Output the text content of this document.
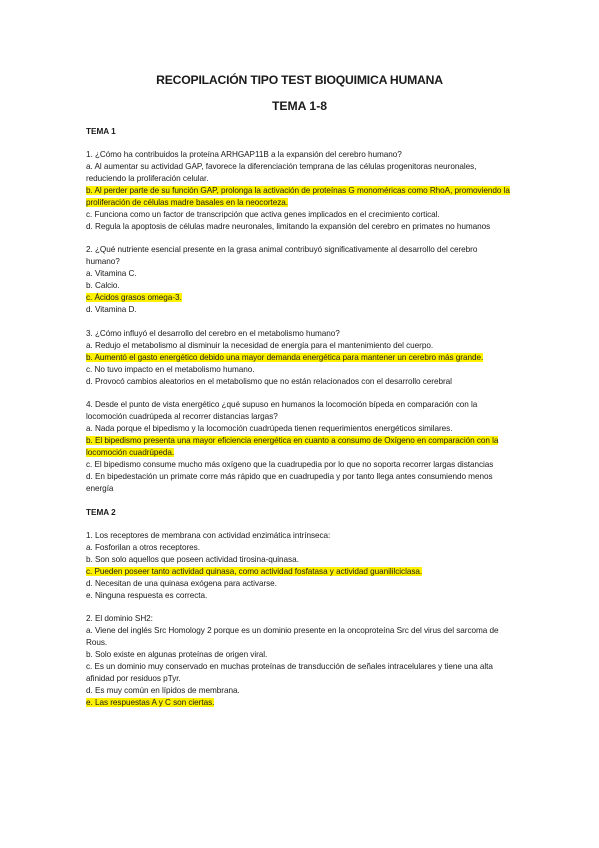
RECOPILACIÓN TIPO TEST BIOQUIMICA HUMANA
TEMA 1-8

TEMA 1

1. ¿Cómo ha contribuidos la proteína ARHGAP11B a la expansión del cerebro humano?

a. Al aumentar su actividad GAP, favorece la diferenciación temprana de las células progenitoras neuronales, reduciendo la proliferación celular.

b. Al perder parte de su función GAP, prolonga la activación de proteínas G monoméricas como RhoA, promoviendo la proliferación de células madre basales en la neocorteza.

c. Funciona como un factor de transcripción que activa genes implicados en el crecimiento cortical.

d. Regula la apoptosis de células madre neuronales, limitando la expansión del cerebro en primates no humanos

2. ¿Qué nutriente esencial presente en la grasa animal contribuyó significativamente al desarrollo del cerebro humano?

a. Vitamina C.

b. Calcio.

c. Ácidos grasos omega-3.

d. Vitamina D.

3. ¿Cómo influyó el desarrollo del cerebro en el metabolismo humano?

a. Redujo el metabolismo al disminuir la necesidad de energía para el mantenimiento del cuerpo.

b. Aumentó el gasto energético debido una mayor demanda energética para mantener un cerebro más grande.

c. No tuvo impacto en el metabolismo humano.

d. Provocó cambios aleatorios en el metabolismo que no están relacionados con el desarrollo cerebral

4. Desde el punto de vista energético ¿qué supuso en humanos la locomoción bípeda en comparación con la locomoción cuadrúpeda al recorrer distancias largas?

a. Nada porque el bipedismo y la locomoción cuadrúpeda tienen requerimientos energéticos similares.

b. El bipedismo presenta una mayor eficiencia energética en cuanto a consumo de Oxígeno en comparación con la locomoción cuadrúpeda.

c. El bipedismo consume mucho más oxígeno que la cuadrupedia por lo que no soporta recorrer largas distancias

d. En bipedestación un primate corre más rápido que en cuadrupedia y por tanto llega antes consumiendo menos energía

TEMA 2

1. Los receptores de membrana con actividad enzimática intrínseca:

a. Fosforilan a otros receptores.

b. Son solo aquellos que poseen actividad tirosina-quinasa.

c. Pueden poseer tanto actividad quinasa, como actividad fosfatasa y actividad guanililciclasa.

d. Necesitan de una quinasa exógena para activarse.

e. Ninguna respuesta es correcta.

2. El dominio SH2:

a. Viene del inglés Src Homology 2 porque es un dominio presente en la oncoproteína Src del virus del sarcoma de Rous.

b. Solo existe en algunas proteínas de origen viral.

c. Es un dominio muy conservado en muchas proteínas de transducción de señales intracelulares y tiene una alta afinidad por residuos pTyr.

d. Es muy común en lípidos de membrana.

e. Las respuestas A y C son ciertas.
